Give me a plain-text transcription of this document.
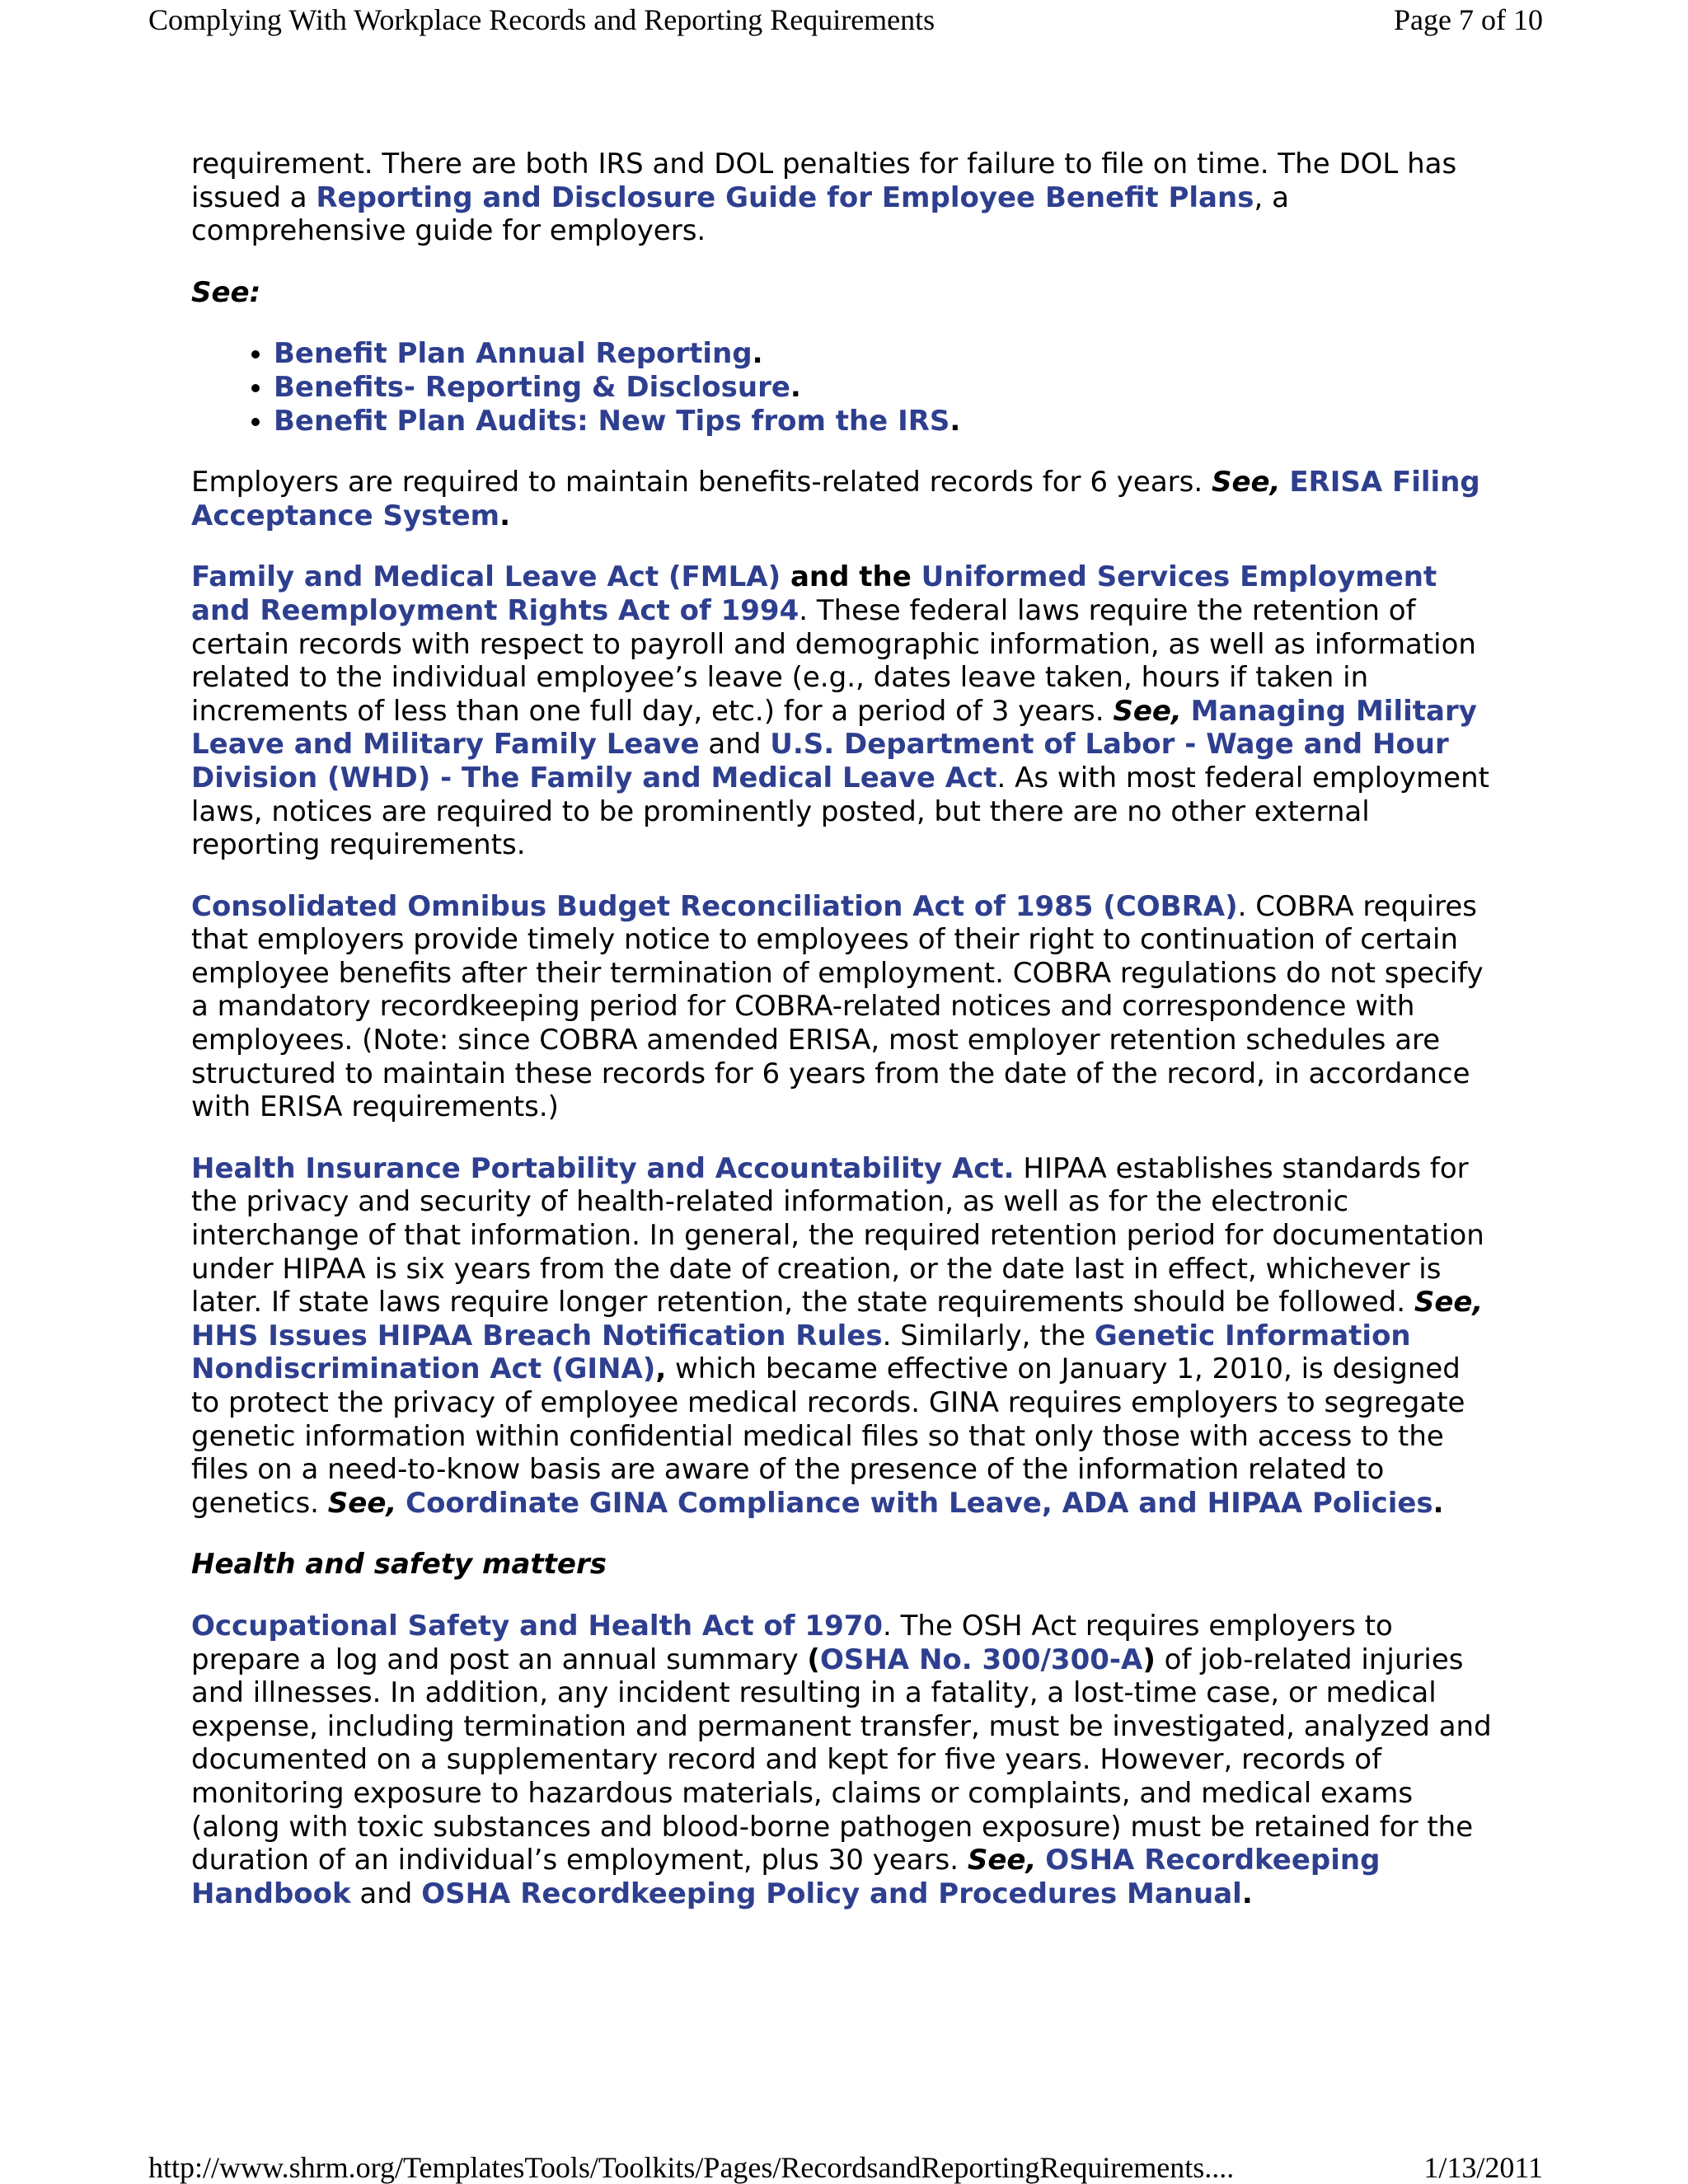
Complying With Workplace Records and Reporting Requirements	Page 7 of 10

requirement. There are both IRS and DOL penalties for failure to file on time. The DOL has issued a Reporting and Disclosure Guide for Employee Benefit Plans, a comprehensive guide for employers.

See:

• Benefit Plan Annual Reporting.
• Benefits- Reporting & Disclosure.
• Benefit Plan Audits: New Tips from the IRS.

Employers are required to maintain benefits-related records for 6 years. See, ERISA Filing Acceptance System.

Family and Medical Leave Act (FMLA) and the Uniformed Services Employment and Reemployment Rights Act of 1994. These federal laws require the retention of certain records with respect to payroll and demographic information, as well as information related to the individual employee’s leave (e.g., dates leave taken, hours if taken in increments of less than one full day, etc.) for a period of 3 years. See, Managing Military Leave and Military Family Leave and U.S. Department of Labor - Wage and Hour Division (WHD) - The Family and Medical Leave Act. As with most federal employment laws, notices are required to be prominently posted, but there are no other external reporting requirements.

Consolidated Omnibus Budget Reconciliation Act of 1985 (COBRA). COBRA requires that employers provide timely notice to employees of their right to continuation of certain employee benefits after their termination of employment. COBRA regulations do not specify a mandatory recordkeeping period for COBRA-related notices and correspondence with employees. (Note: since COBRA amended ERISA, most employer retention schedules are structured to maintain these records for 6 years from the date of the record, in accordance with ERISA requirements.)

Health Insurance Portability and Accountability Act. HIPAA establishes standards for the privacy and security of health-related information, as well as for the electronic interchange of that information. In general, the required retention period for documentation under HIPAA is six years from the date of creation, or the date last in effect, whichever is later. If state laws require longer retention, the state requirements should be followed. See, HHS Issues HIPAA Breach Notification Rules. Similarly, the Genetic Information Nondiscrimination Act (GINA), which became effective on January 1, 2010, is designed to protect the privacy of employee medical records. GINA requires employers to segregate genetic information within confidential medical files so that only those with access to the files on a need-to-know basis are aware of the presence of the information related to genetics. See, Coordinate GINA Compliance with Leave, ADA and HIPAA Policies.

Health and safety matters

Occupational Safety and Health Act of 1970. The OSH Act requires employers to prepare a log and post an annual summary (OSHA No. 300/300-A) of job-related injuries and illnesses. In addition, any incident resulting in a fatality, a lost-time case, or medical expense, including termination and permanent transfer, must be investigated, analyzed and documented on a supplementary record and kept for five years. However, records of monitoring exposure to hazardous materials, claims or complaints, and medical exams (along with toxic substances and blood-borne pathogen exposure) must be retained for the duration of an individual’s employment, plus 30 years. See, OSHA Recordkeeping Handbook and OSHA Recordkeeping Policy and Procedures Manual.

http://www.shrm.org/TemplatesTools/Toolkits/Pages/RecordsandReportingRequirements....	1/13/2011
